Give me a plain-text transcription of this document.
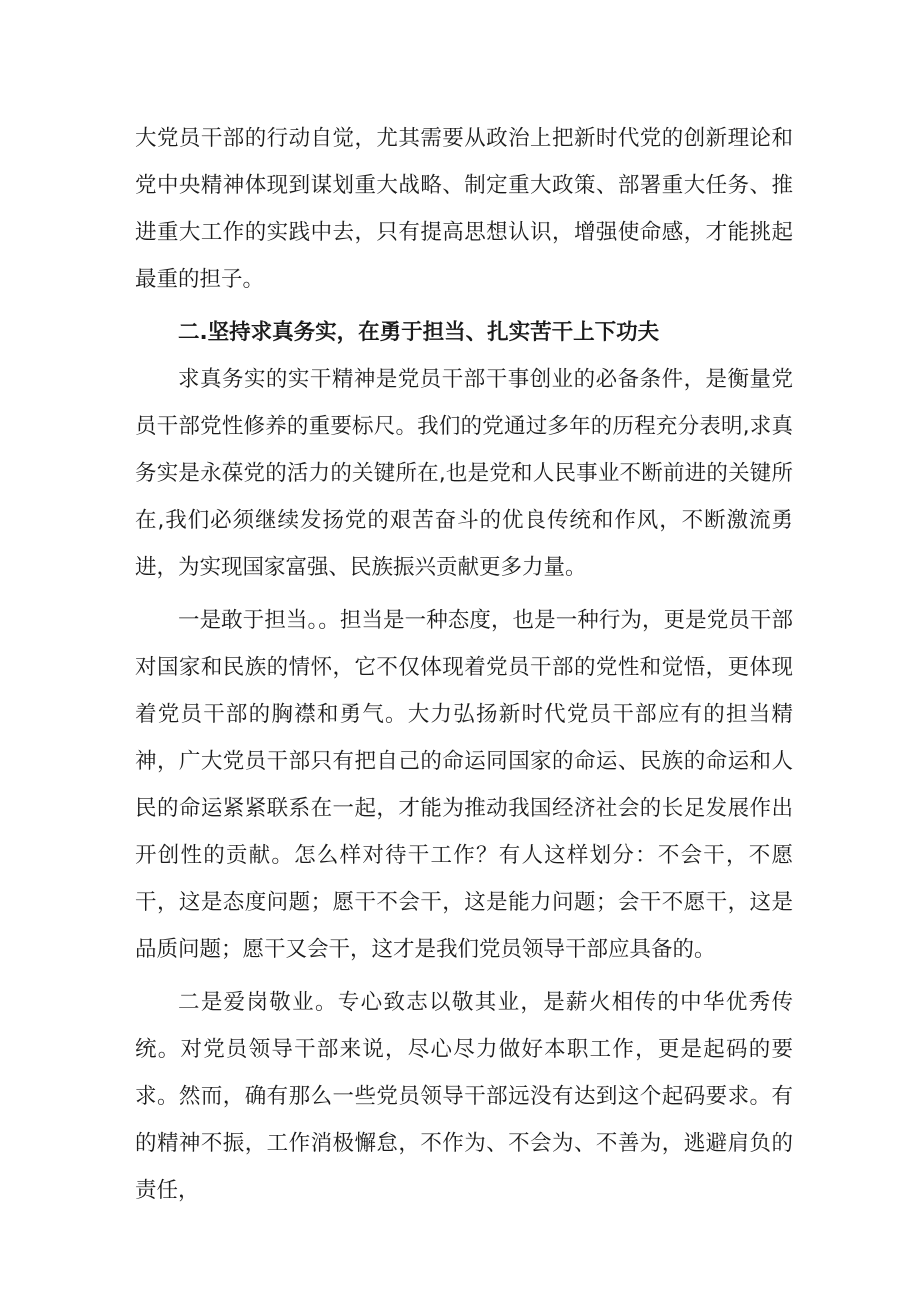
大党员干部的行动自觉，尤其需要从政治上把新时代党的创新理论和党中央精神体现到谋划重大战略、制定重大政策、部署重大任务、推进重大工作的实践中去，只有提高思想认识，增强使命感，才能挑起最重的担子。

二.坚持求真务实，在勇于担当、扎实苦干上下功夫

求真务实的实干精神是党员干部干事创业的必备条件，是衡量党员干部党性修养的重要标尺。我们的党通过多年的历程充分表明,求真务实是永葆党的活力的关键所在,也是党和人民事业不断前进的关键所在,我们必须继续发扬党的艰苦奋斗的优良传统和作风，不断激流勇进，为实现国家富强、民族振兴贡献更多力量。

一是敢于担当。。担当是一种态度，也是一种行为，更是党员干部对国家和民族的情怀，它不仅体现着党员干部的党性和觉悟，更体现着党员干部的胸襟和勇气。大力弘扬新时代党员干部应有的担当精神，广大党员干部只有把自己的命运同国家的命运、民族的命运和人民的命运紧紧联系在一起，才能为推动我国经济社会的长足发展作出开创性的贡献。怎么样对待干工作？有人这样划分：不会干，不愿干，这是态度问题；愿干不会干，这是能力问题；会干不愿干，这是品质问题；愿干又会干，这才是我们党员领导干部应具备的。

二是爱岗敬业。专心致志以敬其业，是薪火相传的中华优秀传统。对党员领导干部来说，尽心尽力做好本职工作，更是起码的要求。然而，确有那么一些党员领导干部远没有达到这个起码要求。有的精神不振，工作消极懈怠，不作为、不会为、不善为，逃避肩负的责任，
